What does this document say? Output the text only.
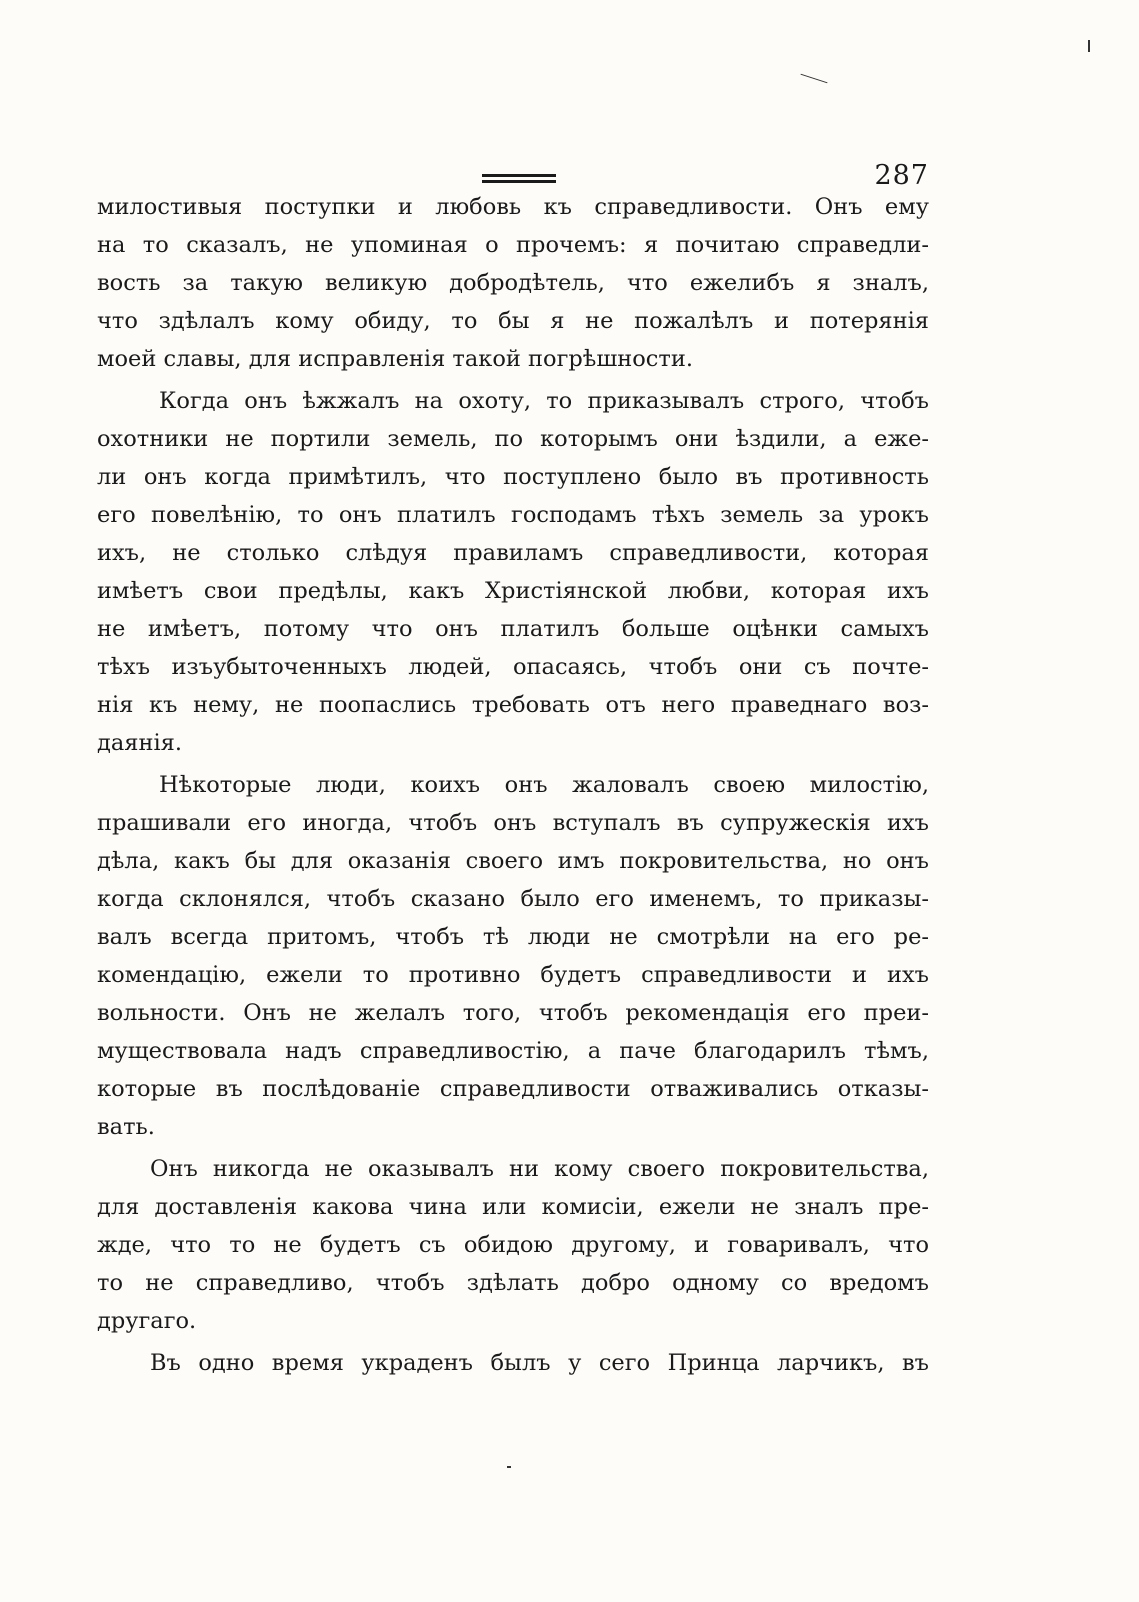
287
милостивыя поступки и любовь къ справедливости. Онъ ему
на то сказалъ, не упоминая о прочемъ: я почитаю справедли-
вость за такую великую добродѣтель, что ежелибъ я зналъ,
что здѣлалъ кому обиду, то бы я не пожалѣлъ и потерянiя
моей славы, для исправленiя такой погрѣшности.
Когда онъ ѣжжалъ на охоту, то приказывалъ строго, чтобъ
охотники не портили земель, по которымъ они ѣздили, а еже-
ли онъ когда примѣтилъ, что поступлено было въ противность
его повелѣнiю, то онъ платилъ господамъ тѣхъ земель за урокъ
ихъ, не столько слѣдуя правиламъ справедливости, которая
имѣетъ свои предѣлы, какъ Христiянской любви, которая ихъ
не имѣетъ, потому что онъ платилъ больше оцѣнки самыхъ
тѣхъ изъубыточенныхъ людей, опасаясь, чтобъ они съ почте-
нiя къ нему, не поопаслись требовать отъ него праведнаго воз-
даянiя.
Нѣкоторые люди, коихъ онъ жаловалъ своею милостiю,
прашивали его иногда, чтобъ онъ вступалъ въ супружескiя ихъ
дѣла, какъ бы для оказанiя своего имъ покровительства, но онъ
когда склонялся, чтобъ сказано было его именемъ, то приказы-
валъ всегда притомъ, чтобъ тѣ люди не смотрѣли на его ре-
комендацiю, ежели то противно будетъ справедливости и ихъ
вольности. Онъ не желалъ того, чтобъ рекомендацiя его преи-
муществовала надъ справедливостiю, а паче благодарилъ тѣмъ,
которые въ послѣдованiе справедливости отваживались отказы-
вать.
Онъ никогда не оказывалъ ни кому своего покровительства,
для доставленiя какова чина или комисiи, ежели не зналъ пре-
жде, что то не будетъ съ обидою другому, и говаривалъ, что
то не справедливо, чтобъ здѣлать добро одному со вредомъ
другаго.
Въ одно время украденъ былъ у сего Принца ларчикъ, въ
